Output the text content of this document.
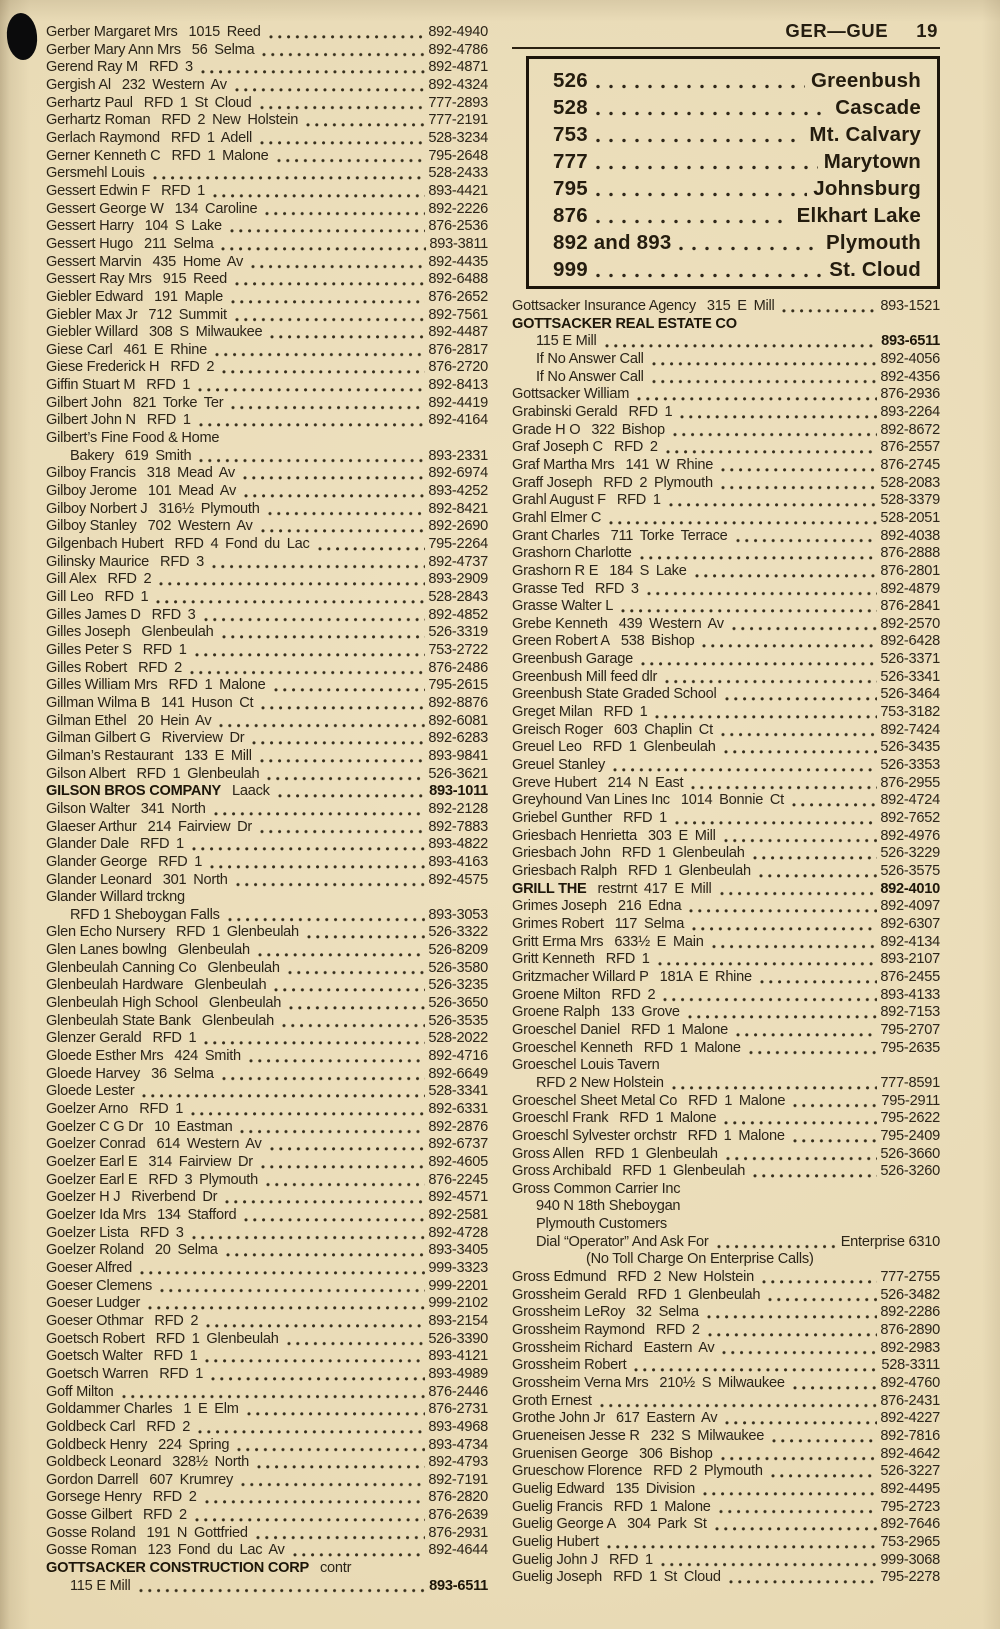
Gerber Margaret Mrs 1015 Reed	892-4940
Gerber Mary Ann Mrs 56 Selma	892-4786
Gerend Ray M RFD 3	892-4871
Gergish Al 232 Western Av	892-4324
Gerhartz Paul RFD 1 St Cloud	777-2893
Gerhartz Roman RFD 2 New Holstein	777-2191
Gerlach Raymond RFD 1 Adell	528-3234
Gerner Kenneth C RFD 1 Malone	795-2648
Gersmehl Louis	528-2433
Gessert Edwin F RFD 1	893-4421
Gessert George W 134 Caroline	892-2226
Gessert Harry 104 S Lake	876-2536
Gessert Hugo 211 Selma	893-3811
Gessert Marvin 435 Home Av	892-4435
Gessert Ray Mrs 915 Reed	892-6488
Giebler Edward 191 Maple	876-2652
Giebler Max Jr 712 Summit	892-7561
Giebler Willard 308 S Milwaukee	892-4487
Giese Carl 461 E Rhine	876-2817
Giese Frederick H RFD 2	876-2720
Giffin Stuart M RFD 1	892-8413
Gilbert John 821 Torke Ter	892-4419
Gilbert John N RFD 1	892-4164
Gilbert’s Fine Food & Home
Bakery 619 Smith	893-2331
Gilboy Francis 318 Mead Av	892-6974
Gilboy Jerome 101 Mead Av	893-4252
Gilboy Norbert J 316½ Plymouth	892-8421
Gilboy Stanley 702 Western Av	892-2690
Gilgenbach Hubert RFD 4 Fond du Lac	795-2264
Gilinsky Maurice RFD 3	892-4737
Gill Alex RFD 2	893-2909
Gill Leo RFD 1	528-2843
Gilles James D RFD 3	892-4852
Gilles Joseph Glenbeulah	526-3319
Gilles Peter S RFD 1	753-2722
Gilles Robert RFD 2	876-2486
Gilles William Mrs RFD 1 Malone	795-2615
Gillman Wilma B 141 Huson Ct	892-8876
Gilman Ethel 20 Hein Av	892-6081
Gilman Gilbert G Riverview Dr	892-6283
Gilman’s Restaurant 133 E Mill	893-9841
Gilson Albert RFD 1 Glenbeulah	526-3621
GILSON BROS COMPANY Laack	893-1011
Gilson Walter 341 North	892-2128
Glaeser Arthur 214 Fairview Dr	892-7883
Glander Dale RFD 1	893-4822
Glander George RFD 1	893-4163
Glander Leonard 301 North	892-4575
Glander Willard trckng
RFD 1 Sheboygan Falls	893-3053
Glen Echo Nursery RFD 1 Glenbeulah	526-3322
Glen Lanes bowlng Glenbeulah	526-8209
Glenbeulah Canning Co Glenbeulah	526-3580
Glenbeulah Hardware Glenbeulah	526-3235
Glenbeulah High School Glenbeulah	526-3650
Glenbeulah State Bank Glenbeulah	526-3535
Glenzer Gerald RFD 1	528-2022
Gloede Esther Mrs 424 Smith	892-4716
Gloede Harvey 36 Selma	892-6649
Gloede Lester	528-3341
Goelzer Arno RFD 1	892-6331
Goelzer C G Dr 10 Eastman	892-2876
Goelzer Conrad 614 Western Av	892-6737
Goelzer Earl E 314 Fairview Dr	892-4605
Goelzer Earl E RFD 3 Plymouth	876-2245
Goelzer H J Riverbend Dr	892-4571
Goelzer Ida Mrs 134 Stafford	892-2581
Goelzer Lista RFD 3	892-4728
Goelzer Roland 20 Selma	893-3405
Goeser Alfred	999-3323
Goeser Clemens	999-2201
Goeser Ludger	999-2102
Goeser Othmar RFD 2	893-2154
Goetsch Robert RFD 1 Glenbeulah	526-3390
Goetsch Walter RFD 1	893-4121
Goetsch Warren RFD 1	893-4989
Goff Milton	876-2446
Goldammer Charles 1 E Elm	876-2731
Goldbeck Carl RFD 2	893-4968
Goldbeck Henry 224 Spring	893-4734
Goldbeck Leonard 328½ North	892-4793
Gordon Darrell 607 Krumrey	892-7191
Gorsege Henry RFD 2	876-2820
Gosse Gilbert RFD 2	876-2639
Gosse Roland 191 N Gottfried	876-2931
Gosse Roman 123 Fond du Lac Av	892-4644
GOTTSACKER CONSTRUCTION CORP contr
115 E Mill	893-6511
GER—GUE 19
526	Greenbush
528	Cascade
753	Mt. Calvary
777	Marytown
795	Johnsburg
876	Elkhart Lake
892 and 893	Plymouth
999	St. Cloud
Gottsacker Insurance Agency 315 E Mill	893-1521
GOTTSACKER REAL ESTATE CO
115 E Mill	893-6511
If No Answer Call	892-4056
If No Answer Call	892-4356
Gottsacker William	876-2936
Grabinski Gerald RFD 1	893-2264
Grade H O 322 Bishop	892-8672
Graf Joseph C RFD 2	876-2557
Graf Martha Mrs 141 W Rhine	876-2745
Graff Joseph RFD 2 Plymouth	528-2083
Grahl August F RFD 1	528-3379
Grahl Elmer C	528-2051
Grant Charles 711 Torke Terrace	892-4038
Grashorn Charlotte	876-2888
Grashorn R E 184 S Lake	876-2801
Grasse Ted RFD 3	892-4879
Grasse Walter L	876-2841
Grebe Kenneth 439 Western Av	892-2570
Green Robert A 538 Bishop	892-6428
Greenbush Garage	526-3371
Greenbush Mill feed dlr	526-3341
Greenbush State Graded School	526-3464
Greget Milan RFD 1	753-3182
Greisch Roger 603 Chaplin Ct	892-7424
Greuel Leo RFD 1 Glenbeulah	526-3435
Greuel Stanley	526-3353
Greve Hubert 214 N East	876-2955
Greyhound Van Lines Inc 1014 Bonnie Ct	892-4724
Griebel Gunther RFD 1	892-7652
Griesbach Henrietta 303 E Mill	892-4976
Griesbach John RFD 1 Glenbeulah	526-3229
Griesbach Ralph RFD 1 Glenbeulah	526-3575
GRILL THE restrnt 417 E Mill	892-4010
Grimes Joseph 216 Edna	892-4097
Grimes Robert 117 Selma	892-6307
Gritt Erma Mrs 633½ E Main	892-4134
Gritt Kenneth RFD 1	893-2107
Gritzmacher Willard P 181A E Rhine	876-2455
Groene Milton RFD 2	893-4133
Groene Ralph 133 Grove	892-7153
Groeschel Daniel RFD 1 Malone	795-2707
Groeschel Kenneth RFD 1 Malone	795-2635
Groeschel Louis Tavern
RFD 2 New Holstein	777-8591
Groeschel Sheet Metal Co RFD 1 Malone	795-2911
Groeschl Frank RFD 1 Malone	795-2622
Groeschl Sylvester orchstr RFD 1 Malone	795-2409
Gross Allen RFD 1 Glenbeulah	526-3660
Gross Archibald RFD 1 Glenbeulah	526-3260
Gross Common Carrier Inc
940 N 18th Sheboygan
Plymouth Customers
Dial “Operator” And Ask For	Enterprise 6310
(No Toll Charge On Enterprise Calls)
Gross Edmund RFD 2 New Holstein	777-2755
Grossheim Gerald RFD 1 Glenbeulah	526-3482
Grossheim LeRoy 32 Selma	892-2286
Grossheim Raymond RFD 2	876-2890
Grossheim Richard Eastern Av	892-2983
Grossheim Robert	528-3311
Grossheim Verna Mrs 210½ S Milwaukee	892-4760
Groth Ernest	876-2431
Grothe John Jr 617 Eastern Av	892-4227
Grueneisen Jesse R 232 S Milwaukee	892-7816
Gruenisen George 306 Bishop	892-4642
Grueschow Florence RFD 2 Plymouth	526-3227
Guelig Edward 135 Division	892-4495
Guelig Francis RFD 1 Malone	795-2723
Guelig George A 304 Park St	892-7646
Guelig Hubert	753-2965
Guelig John J RFD 1	999-3068
Guelig Joseph RFD 1 St Cloud	795-2278
